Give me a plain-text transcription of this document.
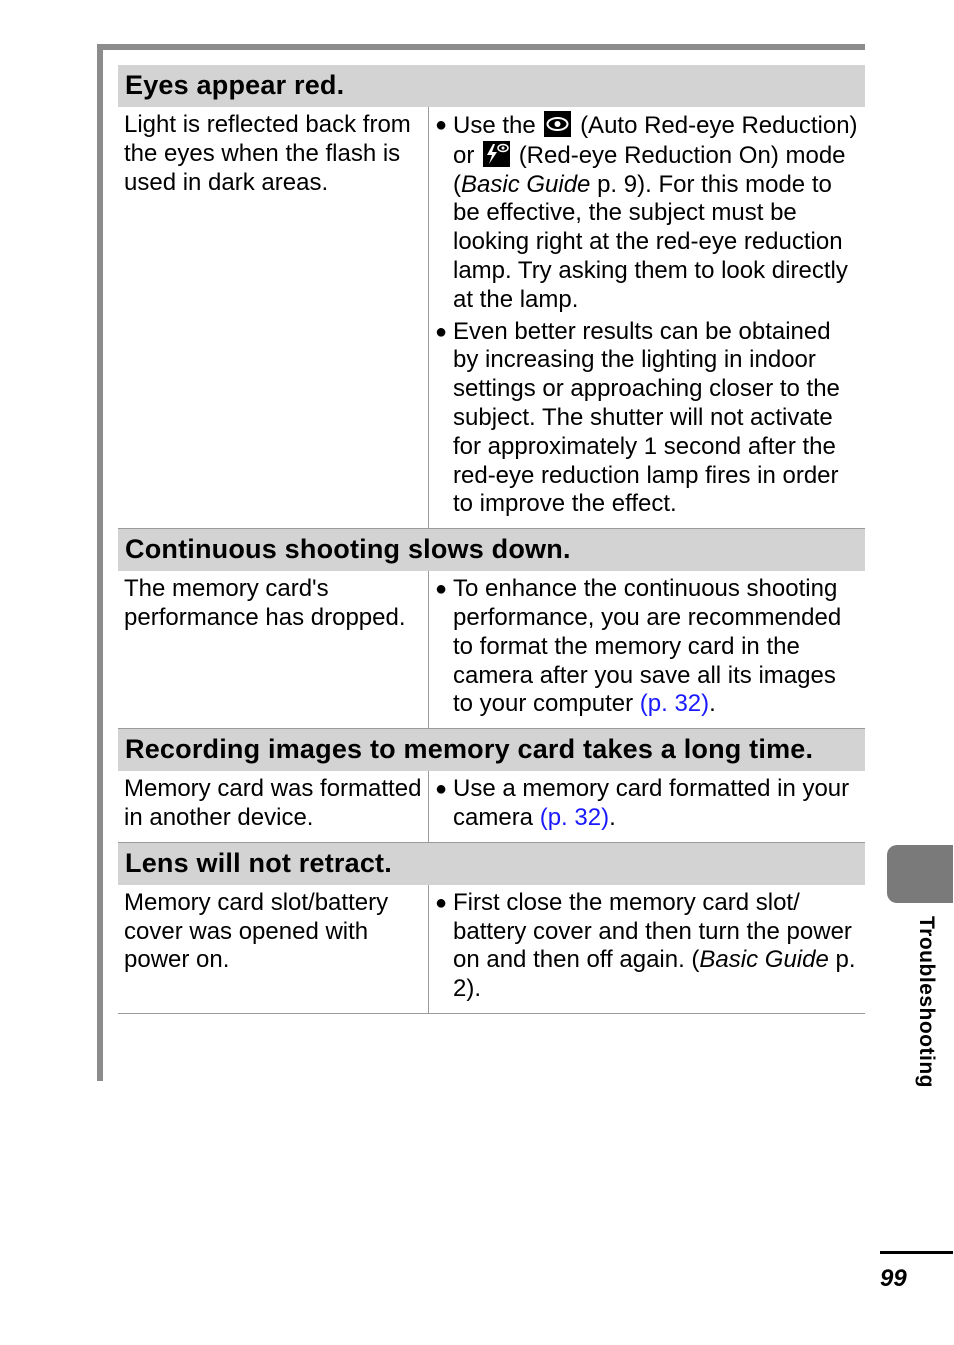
Eyes appear red.
Light is reflected back from the eyes when the flash is used in dark areas.
● Use the (Auto Red-eye Reduction) or (Red-eye Reduction On) mode (Basic Guide p. 9). For this mode to be effective, the subject must be looking right at the red-eye reduction lamp. Try asking them to look directly at the lamp.
● Even better results can be obtained by increasing the lighting in indoor settings or approaching closer to the subject. The shutter will not activate for approximately 1 second after the red-eye reduction lamp fires in order to improve the effect.
Continuous shooting slows down.
The memory card's performance has dropped.
● To enhance the continuous shooting performance, you are recommended to format the memory card in the camera after you save all its images to your computer (p. 32).
Recording images to memory card takes a long time.
Memory card was formatted in another device.
● Use a memory card formatted in your camera (p. 32).
Lens will not retract.
Memory card slot/battery cover was opened with power on.
● First close the memory card slot/ battery cover and then turn the power on and then off again. (Basic Guide p. 2).	Troubleshooting
99
